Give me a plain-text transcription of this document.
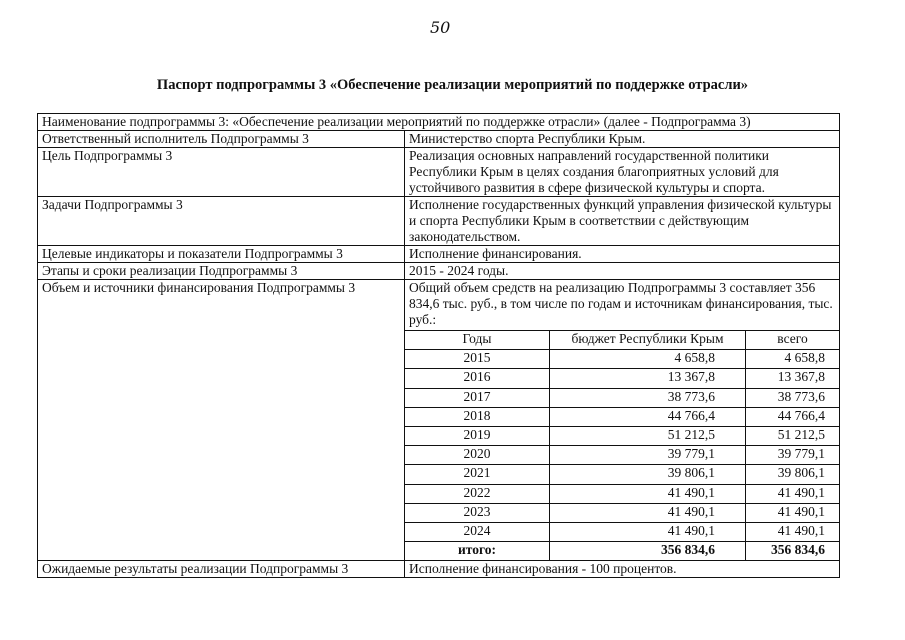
50
Паспорт подпрограммы 3 «Обеспечение реализации мероприятий по поддержке отрасли»
Наименование подпрограммы 3: «Обеспечение реализации мероприятий по поддержке отрасли» (далее - Подпрограмма 3)
Ответственный исполнитель Подпрограммы 3	Министерство спорта Республики Крым.
Цель Подпрограммы 3	Реализация основных направлений государственной политики Республики Крым в целях создания благоприятных условий для устойчивого развития в сфере физической культуры и спорта.
Задачи Подпрограммы 3	Исполнение государственных функций управления физической культуры и спорта Республики Крым в соответствии с действующим законодательством.
Целевые индикаторы и показатели Подпрограммы 3	Исполнение финансирования.
Этапы и сроки реализации Подпрограммы 3	2015 - 2024 годы.
Объем и источники финансирования Подпрограммы 3	Общий объем средств на реализацию Подпрограммы 3 составляет 356 834,6 тыс. руб., в том числе по годам и источникам финансирования, тыс. руб.:
Годы	бюджет Республики Крым	всего
2015	4 658,8	4 658,8
2016	13 367,8	13 367,8
2017	38 773,6	38 773,6
2018	44 766,4	44 766,4
2019	51 212,5	51 212,5
2020	39 779,1	39 779,1
2021	39 806,1	39 806,1
2022	41 490,1	41 490,1
2023	41 490,1	41 490,1
2024	41 490,1	41 490,1
итого:	356 834,6	356 834,6

Ожидаемые результаты реализации Подпрограммы 3	Исполнение финансирования - 100 процентов.
